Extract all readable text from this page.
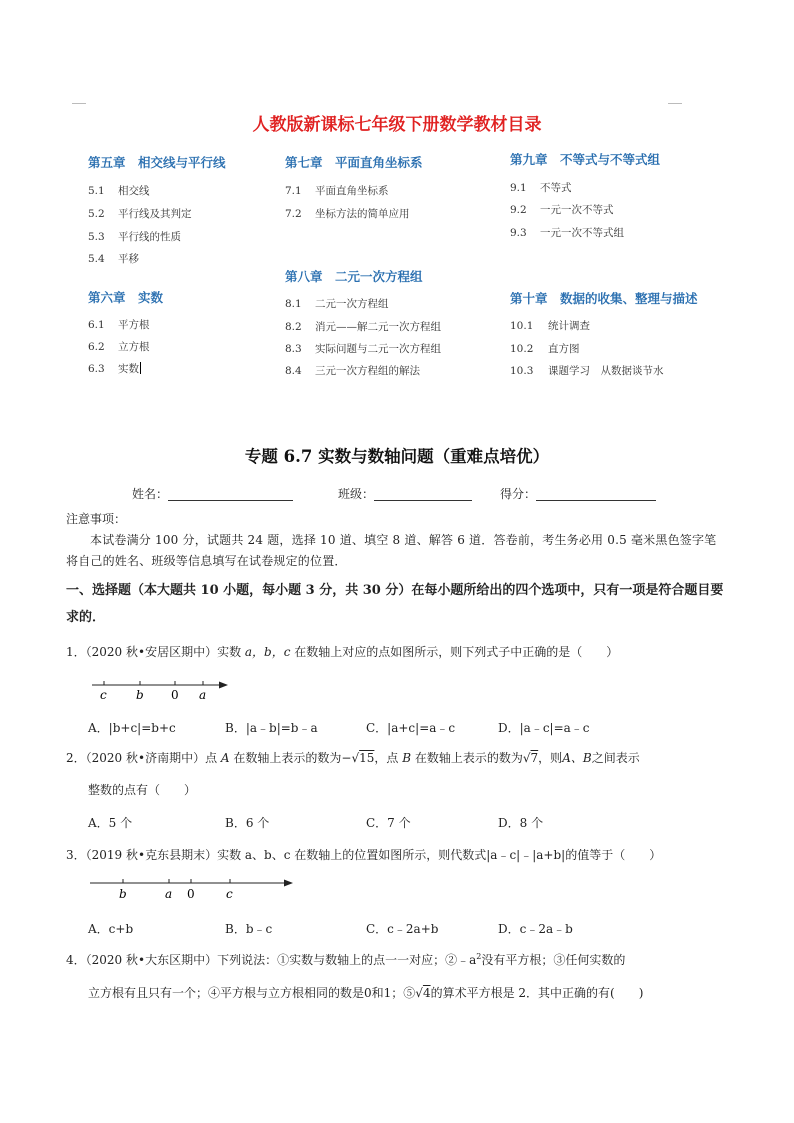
人教版新课标七年级下册数学教材目录
第五章　相交线与平行线
5.1 相交线
5.2 平行线及其判定
5.3 平行线的性质
5.4 平移
第六章　实数
6.1 平方根
6.2 立方根
6.3 实数
第七章　平面直角坐标系
7.1 平面直角坐标系
7.2 坐标方法的简单应用
第八章　二元一次方程组
8.1 二元一次方程组
8.2 消元——解二元一次方程组
8.3 实际问题与二元一次方程组
8.4 三元一次方程组的解法
第九章　不等式与不等式组
9.1 不等式
9.2 一元一次不等式
9.3 一元一次不等式组
第十章　数据的收集、整理与描述
10.1 统计调查
10.2 直方图
10.3 课题学习　从数据谈节水
专题 6.7 实数与数轴问题（重难点培优）
姓名：	班级：	得分：
注意事项：
本试卷满分 100 分，试题共 24 题，选择 10 道、填空 8 道、解答 6 道．答卷前，考生务必用 0.5 毫米黑色签字笔将自己的姓名、班级等信息填写在试卷规定的位置．
一、选择题（本大题共 10 小题，每小题 3 分，共 30 分）在每小题所给出的四个选项中，只有一项是符合题目要求的．
1．（2020 秋•安居区期中）实数 a，b，c 在数轴上对应的点如图所示，则下列式子中正确的是（　　）
c b 0 a
A．|b+c|=b+c	B．|a﹣b|=b﹣a	C．|a+c|=a﹣c	D．|a﹣c|=a﹣c
2．（2020 秋•济南期中）点 A 在数轴上表示的数为−√15，点 B 在数轴上表示的数为√7，则A、B之间表示
整数的点有（　　）
A．5 个	B．6 个	C．7 个	D．8 个
3．（2019 秋•克东县期末）实数 a、b、c 在数轴上的位置如图所示，则代数式|a﹣c|﹣|a+b|的值等于（　　）
b	a 0	c
A．c+b	B．b﹣c	C．c﹣2a+b	D．c﹣2a﹣b
4．（2020 秋•大东区期中）下列说法：①实数与数轴上的点一一对应；$②﹣a^2$没有平方根；③任何实数的
立方根有且只有一个；④平方根与立方根相同的数是0和1；⑤√4的算术平方根是 2．其中正确的有(　　)
